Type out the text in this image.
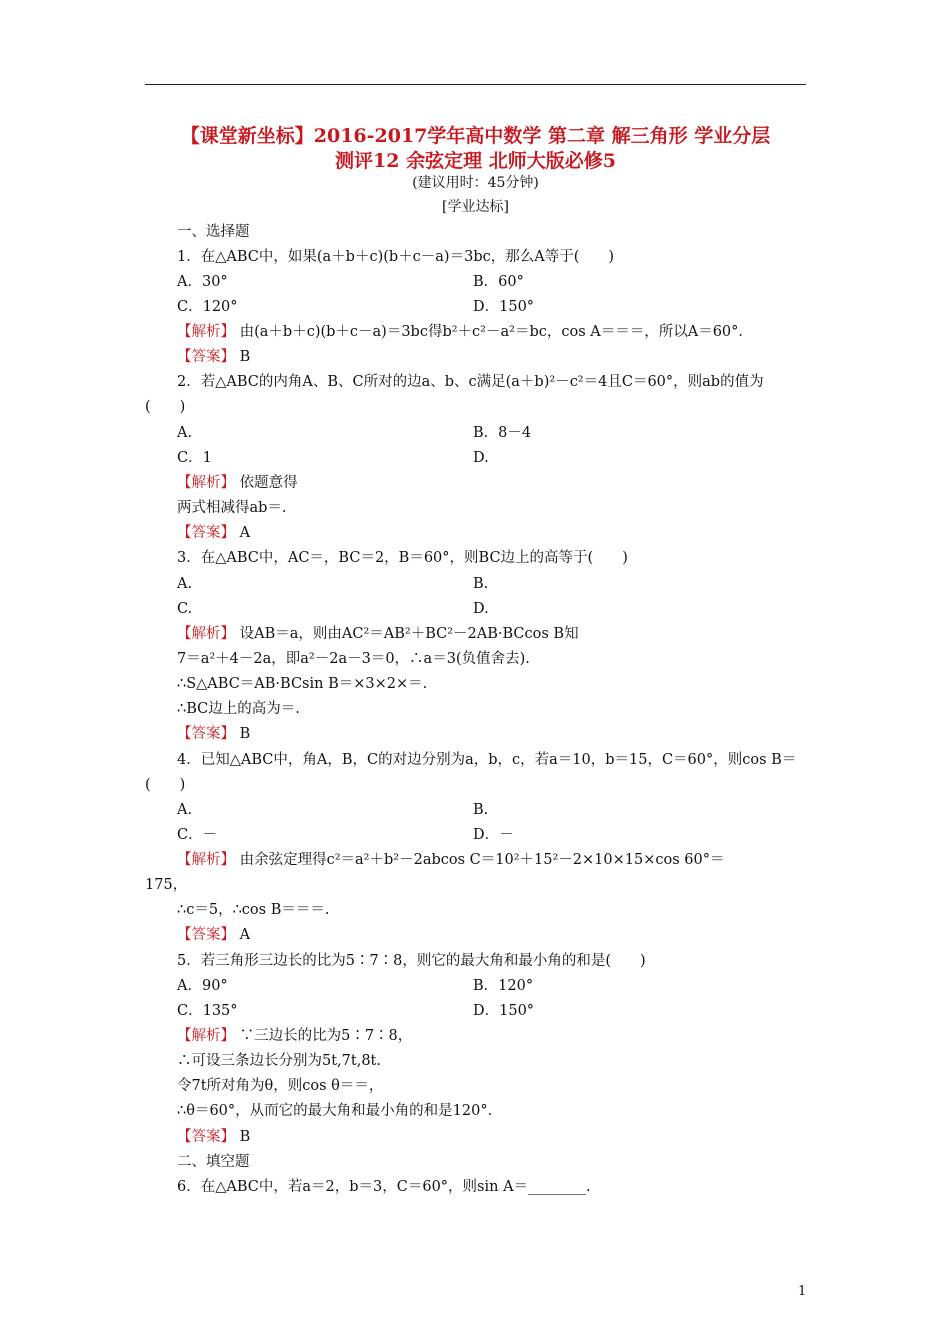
【课堂新坐标】2016-2017学年高中数学 第二章 解三角形 学业分层
测评12 余弦定理 北师大版必修5
(建议用时：45分钟)
[学业达标]
一、选择题
1．在△ABC中，如果(a＋b＋c)(b＋c－a)＝3bc，那么A等于(　　)
A．30°	B．60°
C．120°	D．150°
【解析】 由(a＋b＋c)(b＋c－a)＝3bc得b²＋c²－a²＝bc，cos A＝＝＝，所以A＝60°．
【答案】 B
2．若△ABC的内角A、B、C所对的边a、b、c满足(a＋b)²－c²＝4且C＝60°，则ab的值为
(　　)
A.	B．8－4
C．1	D.
【解析】 依题意得
两式相减得ab＝.
【答案】 A
3．在△ABC中，AC＝，BC＝2，B＝60°，则BC边上的高等于(　　)
A.	B.
C.	D.
【解析】 设AB＝a，则由AC²＝AB²＋BC²－2AB·BCcos B知
7＝a²＋4－2a，即a²－2a－3＝0，∴a＝3(负值舍去).
∴S△ABC＝AB·BCsin B＝×3×2×＝.
∴BC边上的高为＝.
【答案】 B
4．已知△ABC中，角A，B，C的对边分别为a，b，c，若a＝10，b＝15，C＝60°，则cos B＝
(　　)
A.	B.
C．－	D．－
【解析】 由余弦定理得c²＝a²＋b²－2abcos C＝10²＋15²－2×10×15×cos 60°＝
175，
∴c＝5，∴cos B＝＝＝.
【答案】 A
5．若三角形三边长的比为5∶7∶8，则它的最大角和最小角的和是(　　)
A．90°	B．120°
C．135°	D．150°
【解析】 ∵三边长的比为5∶7∶8，
∴可设三条边长分别为5t,7t,8t.
令7t所对角为θ，则cos θ＝＝，
∴θ＝60°，从而它的最大角和最小角的和是120°．
【答案】 B
二、填空题
6．在△ABC中，若a＝2，b＝3，C＝60°，则sin A＝________.
1
